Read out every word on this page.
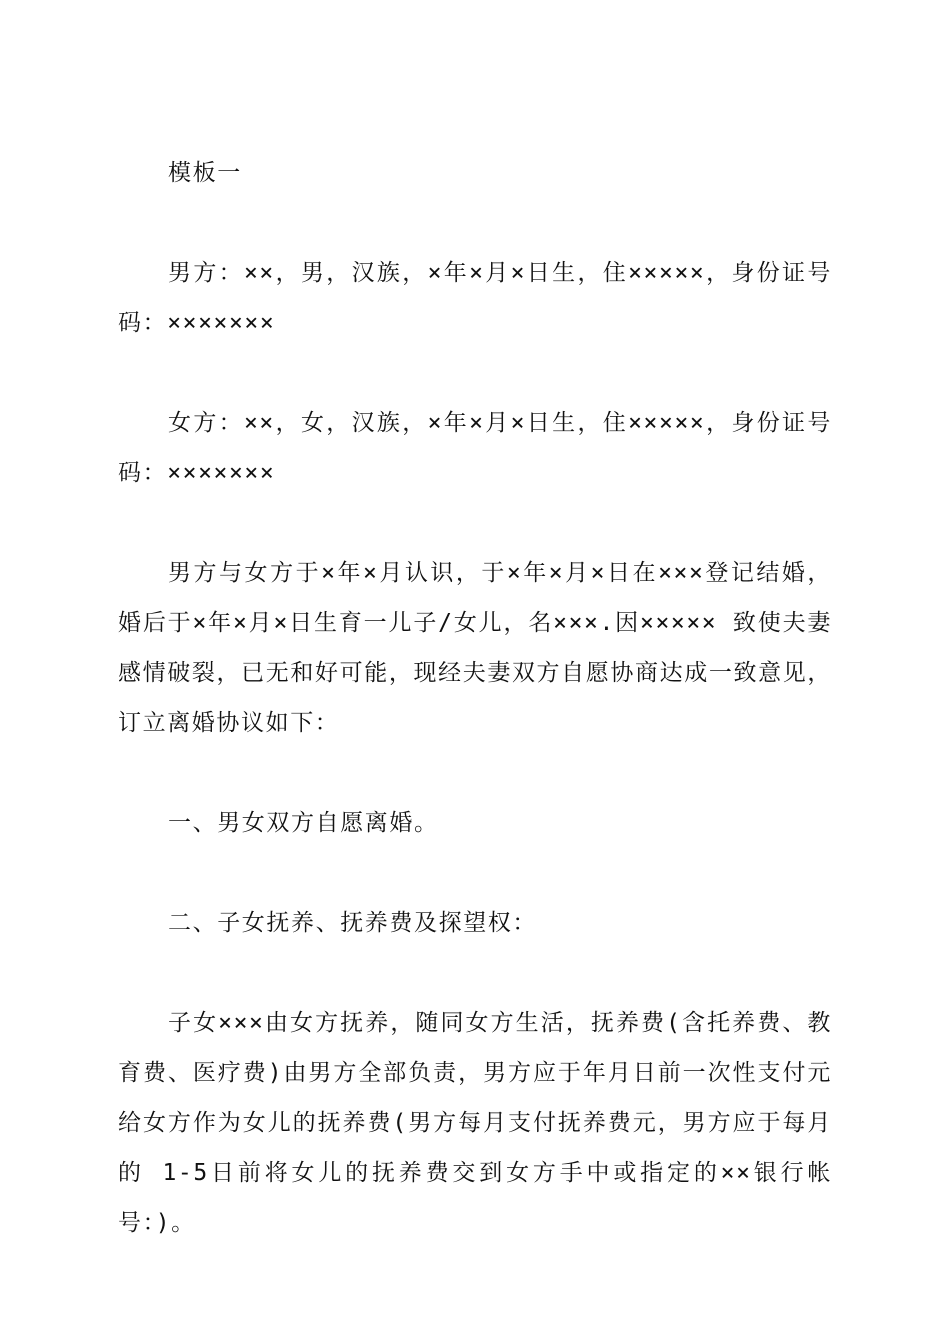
模板一

男方：××，男，汉族，×年×月×日生，住×××××，身份证号码：×××××××

女方：××，女，汉族，×年×月×日生，住×××××，身份证号码：×××××××

男方与女方于×年×月认识，于×年×月×日在×××登记结婚，婚后于×年×月×日生育一儿子/女儿，名×××.因××××× 致使夫妻感情破裂，已无和好可能，现经夫妻双方自愿协商达成一致意见，订立离婚协议如下：

一、男女双方自愿离婚。

二、子女抚养、抚养费及探望权：

子女×××由女方抚养，随同女方生活，抚养费(含托养费、教育费、医疗费)由男方全部负责，男方应于年月日前一次性支付元给女方作为女儿的抚养费(男方每月支付抚养费元，男方应于每月的 1-5日前将女儿的抚养费交到女方手中或指定的××银行帐号：)。
